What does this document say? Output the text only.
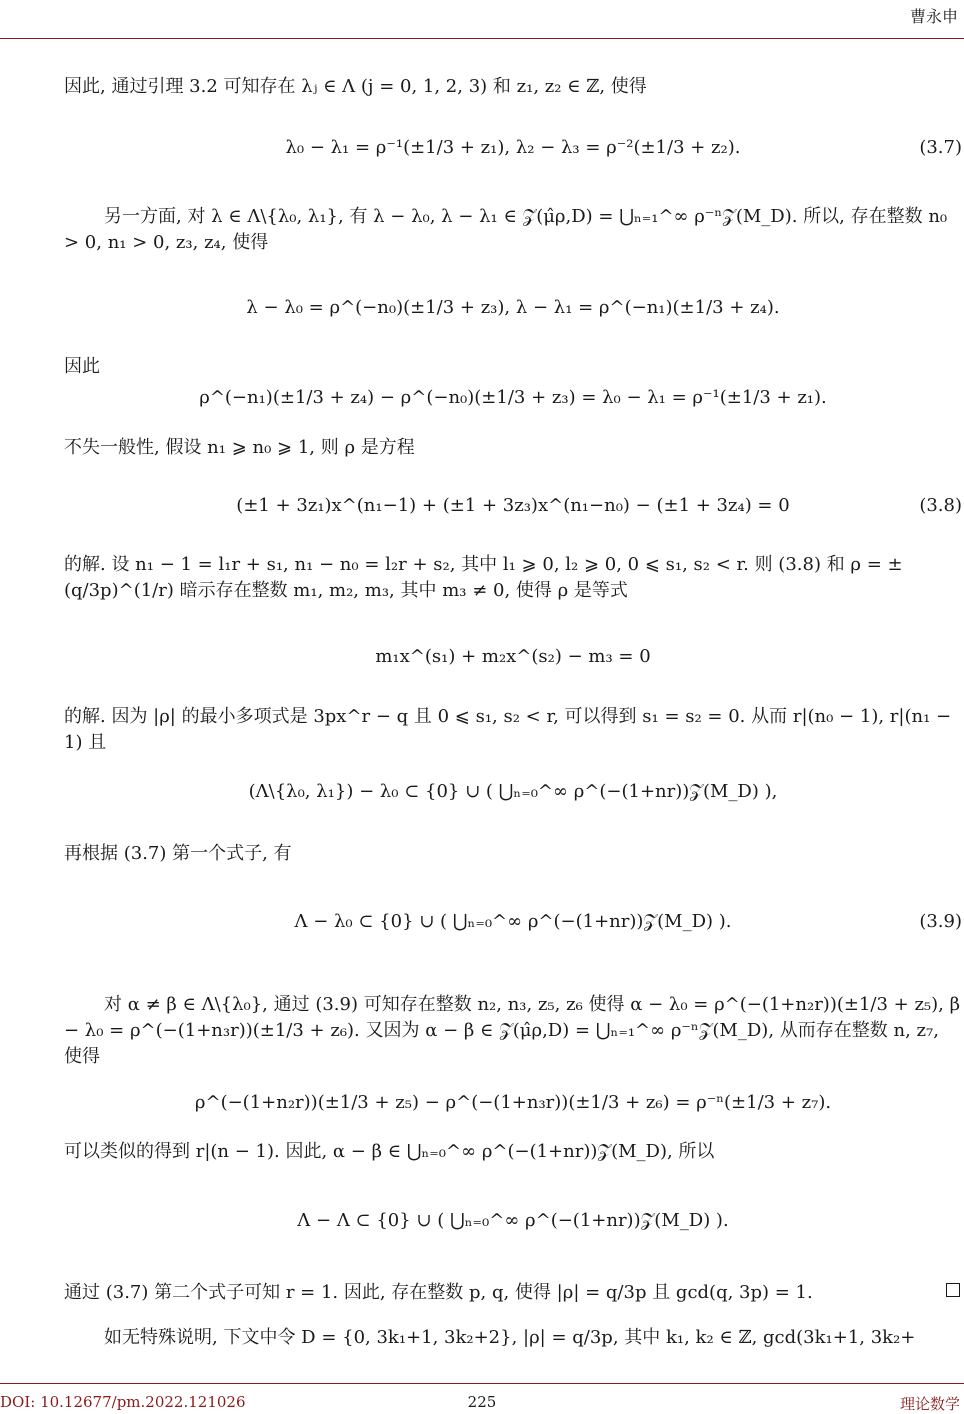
曹永申
因此, 通过引理 3.2 可知存在 λⱼ ∈ Λ (j = 0, 1, 2, 3) 和 z₁, z₂ ∈ ℤ, 使得
λ₀ − λ₁ = ρ⁻¹(±1/3 + z₁), λ₂ − λ₃ = ρ⁻²(±1/3 + z₂).	(3.7)
另一方面, 对 λ ∈ Λ\{λ₀, λ₁}, 有 λ − λ₀, λ − λ₁ ∈ 𝒵(μ̂ρ,D) = ⋃ₙ₌₁^∞ ρ⁻ⁿ𝒵(M_D). 所以, 存在整数 n₀ > 0, n₁ > 0, z₃, z₄, 使得
λ − λ₀ = ρ^(−n₀)(±1/3 + z₃), λ − λ₁ = ρ^(−n₁)(±1/3 + z₄).
因此
ρ^(−n₁)(±1/3 + z₄) − ρ^(−n₀)(±1/3 + z₃) = λ₀ − λ₁ = ρ⁻¹(±1/3 + z₁).
不失一般性, 假设 n₁ ⩾ n₀ ⩾ 1, 则 ρ 是方程
(±1 + 3z₁)x^(n₁−1) + (±1 + 3z₃)x^(n₁−n₀) − (±1 + 3z₄) = 0	(3.8)
的解. 设 n₁ − 1 = l₁r + s₁, n₁ − n₀ = l₂r + s₂, 其中 l₁ ⩾ 0, l₂ ⩾ 0, 0 ⩽ s₁, s₂ < r. 则 (3.8) 和 ρ = ±(q/3p)^(1/r) 暗示存在整数 m₁, m₂, m₃, 其中 m₃ ≠ 0, 使得 ρ 是等式
m₁x^(s₁) + m₂x^(s₂) − m₃ = 0
的解. 因为 |ρ| 的最小多项式是 3px^r − q 且 0 ⩽ s₁, s₂ < r, 可以得到 s₁ = s₂ = 0. 从而 r|(n₀ − 1), r|(n₁ − 1) 且
(Λ\{λ₀, λ₁}) − λ₀ ⊂ {0} ∪ ( ⋃ₙ₌₀^∞ ρ^(−(1+nr))𝒵(M_D) ),
再根据 (3.7) 第一个式子, 有
Λ − λ₀ ⊂ {0} ∪ ( ⋃ₙ₌₀^∞ ρ^(−(1+nr))𝒵(M_D) ).	(3.9)
对 α ≠ β ∈ Λ\{λ₀}, 通过 (3.9) 可知存在整数 n₂, n₃, z₅, z₆ 使得 α − λ₀ = ρ^(−(1+n₂r))(±1/3 + z₅), β − λ₀ = ρ^(−(1+n₃r))(±1/3 + z₆). 又因为 α − β ∈ 𝒵(μ̂ρ,D) = ⋃ₙ₌₁^∞ ρ⁻ⁿ𝒵(M_D), 从而存在整数 n, z₇, 使得
ρ^(−(1+n₂r))(±1/3 + z₅) − ρ^(−(1+n₃r))(±1/3 + z₆) = ρ⁻ⁿ(±1/3 + z₇).
可以类似的得到 r|(n − 1). 因此, α − β ∈ ⋃ₙ₌₀^∞ ρ^(−(1+nr))𝒵(M_D), 所以
Λ − Λ ⊂ {0} ∪ ( ⋃ₙ₌₀^∞ ρ^(−(1+nr))𝒵(M_D) ).
通过 (3.7) 第二个式子可知 r = 1. 因此, 存在整数 p, q, 使得 |ρ| = q/3p 且 gcd(q, 3p) = 1.
如无特殊说明, 下文中令 D = {0, 3k₁+1, 3k₂+2}, |ρ| = q/3p, 其中 k₁, k₂ ∈ ℤ, gcd(3k₁+1, 3k₂+
DOI: 10.12677/pm.2022.121026	225	理论数学
